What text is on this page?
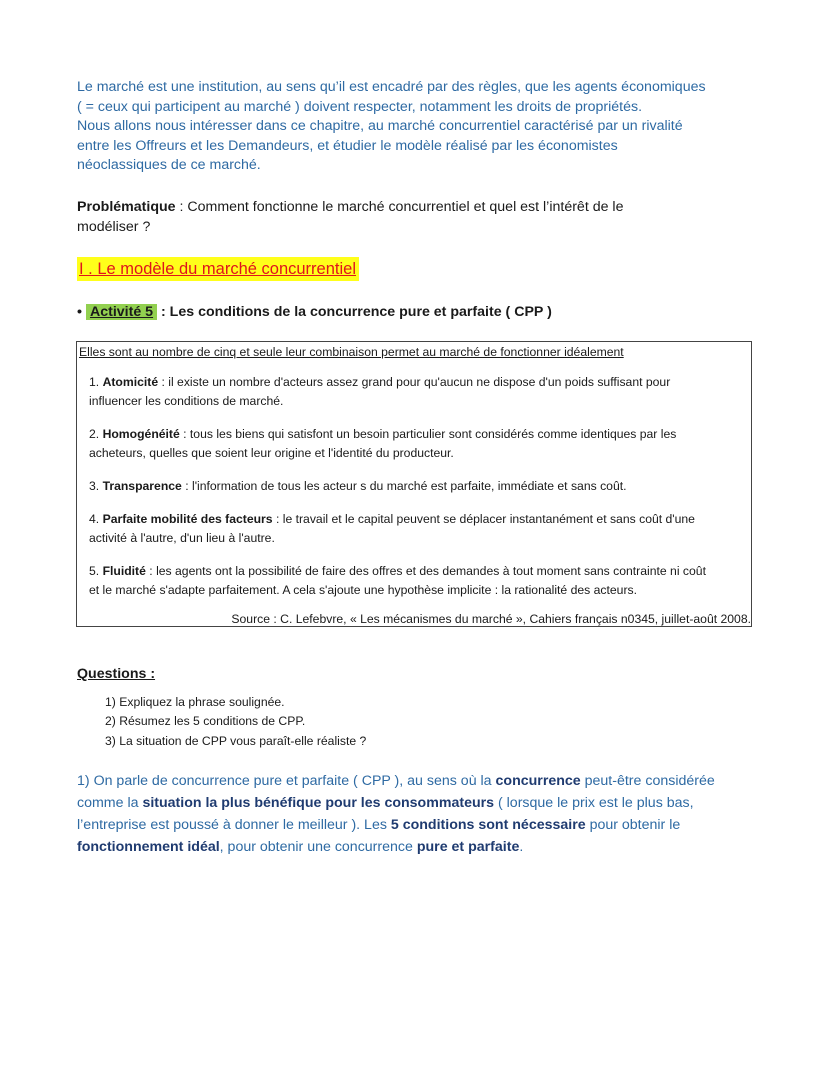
Le marché est une institution, au sens qu’il est encadré par des règles, que les agents économiques

( = ceux qui participent au marché ) doivent respecter, notamment les droits de propriétés.

Nous allons nous intéresser dans ce chapitre, au marché concurrentiel caractérisé par un rivalité

entre les Offreurs et les Demandeurs, et étudier le modèle réalisé par les économistes

néoclassiques de ce marché.

Problématique : Comment fonctionne le marché concurrentiel et quel est l’intérêt de le
modéliser ?
I . Le modèle du marché concurrentiel
• Activité 5 : Les conditions de la concurrence pure et parfaite ( CPP )
Elles sont au nombre de cinq et seule leur combinaison permet au marché de fonctionner idéalement
1. Atomicité : il existe un nombre d'acteurs assez grand pour qu'aucun ne dispose d'un poids suffisant pour
influencer les conditions de marché.
2. Homogénéité : tous les biens qui satisfont un besoin particulier sont considérés comme identiques par les
acheteurs, quelles que soient leur origine et l'identité du producteur.
3. Transparence : l'information de tous les acteur s du marché est parfaite, immédiate et sans coût.
4. Parfaite mobilité des facteurs : le travail et le capital peuvent se déplacer instantanément et sans coût d'une
activité à l'autre, d'un lieu à l'autre.
5. Fluidité : les agents ont la possibilité de faire des offres et des demandes à tout moment sans contrainte ni coût
et le marché s'adapte parfaitement. A cela s'ajoute une hypothèse implicite : la rationalité des acteurs.
Source : C. Lefebvre, « Les mécanismes du marché », Cahiers français n0345, juillet-août 2008.
Questions :
1) Expliquez la phrase soulignée.
2) Résumez les 5 conditions de CPP.
3) La situation de CPP vous paraît-elle réaliste ?
1) On parle de concurrence pure et parfaite ( CPP ), au sens où la concurrence peut-être considérée comme la situation la plus bénéfique pour les consommateurs ( lorsque le prix est le plus bas, l’entreprise est poussé à donner le meilleur ). Les 5 conditions sont nécessaire pour obtenir le fonctionnement idéal, pour obtenir une concurrence pure et parfaite.
